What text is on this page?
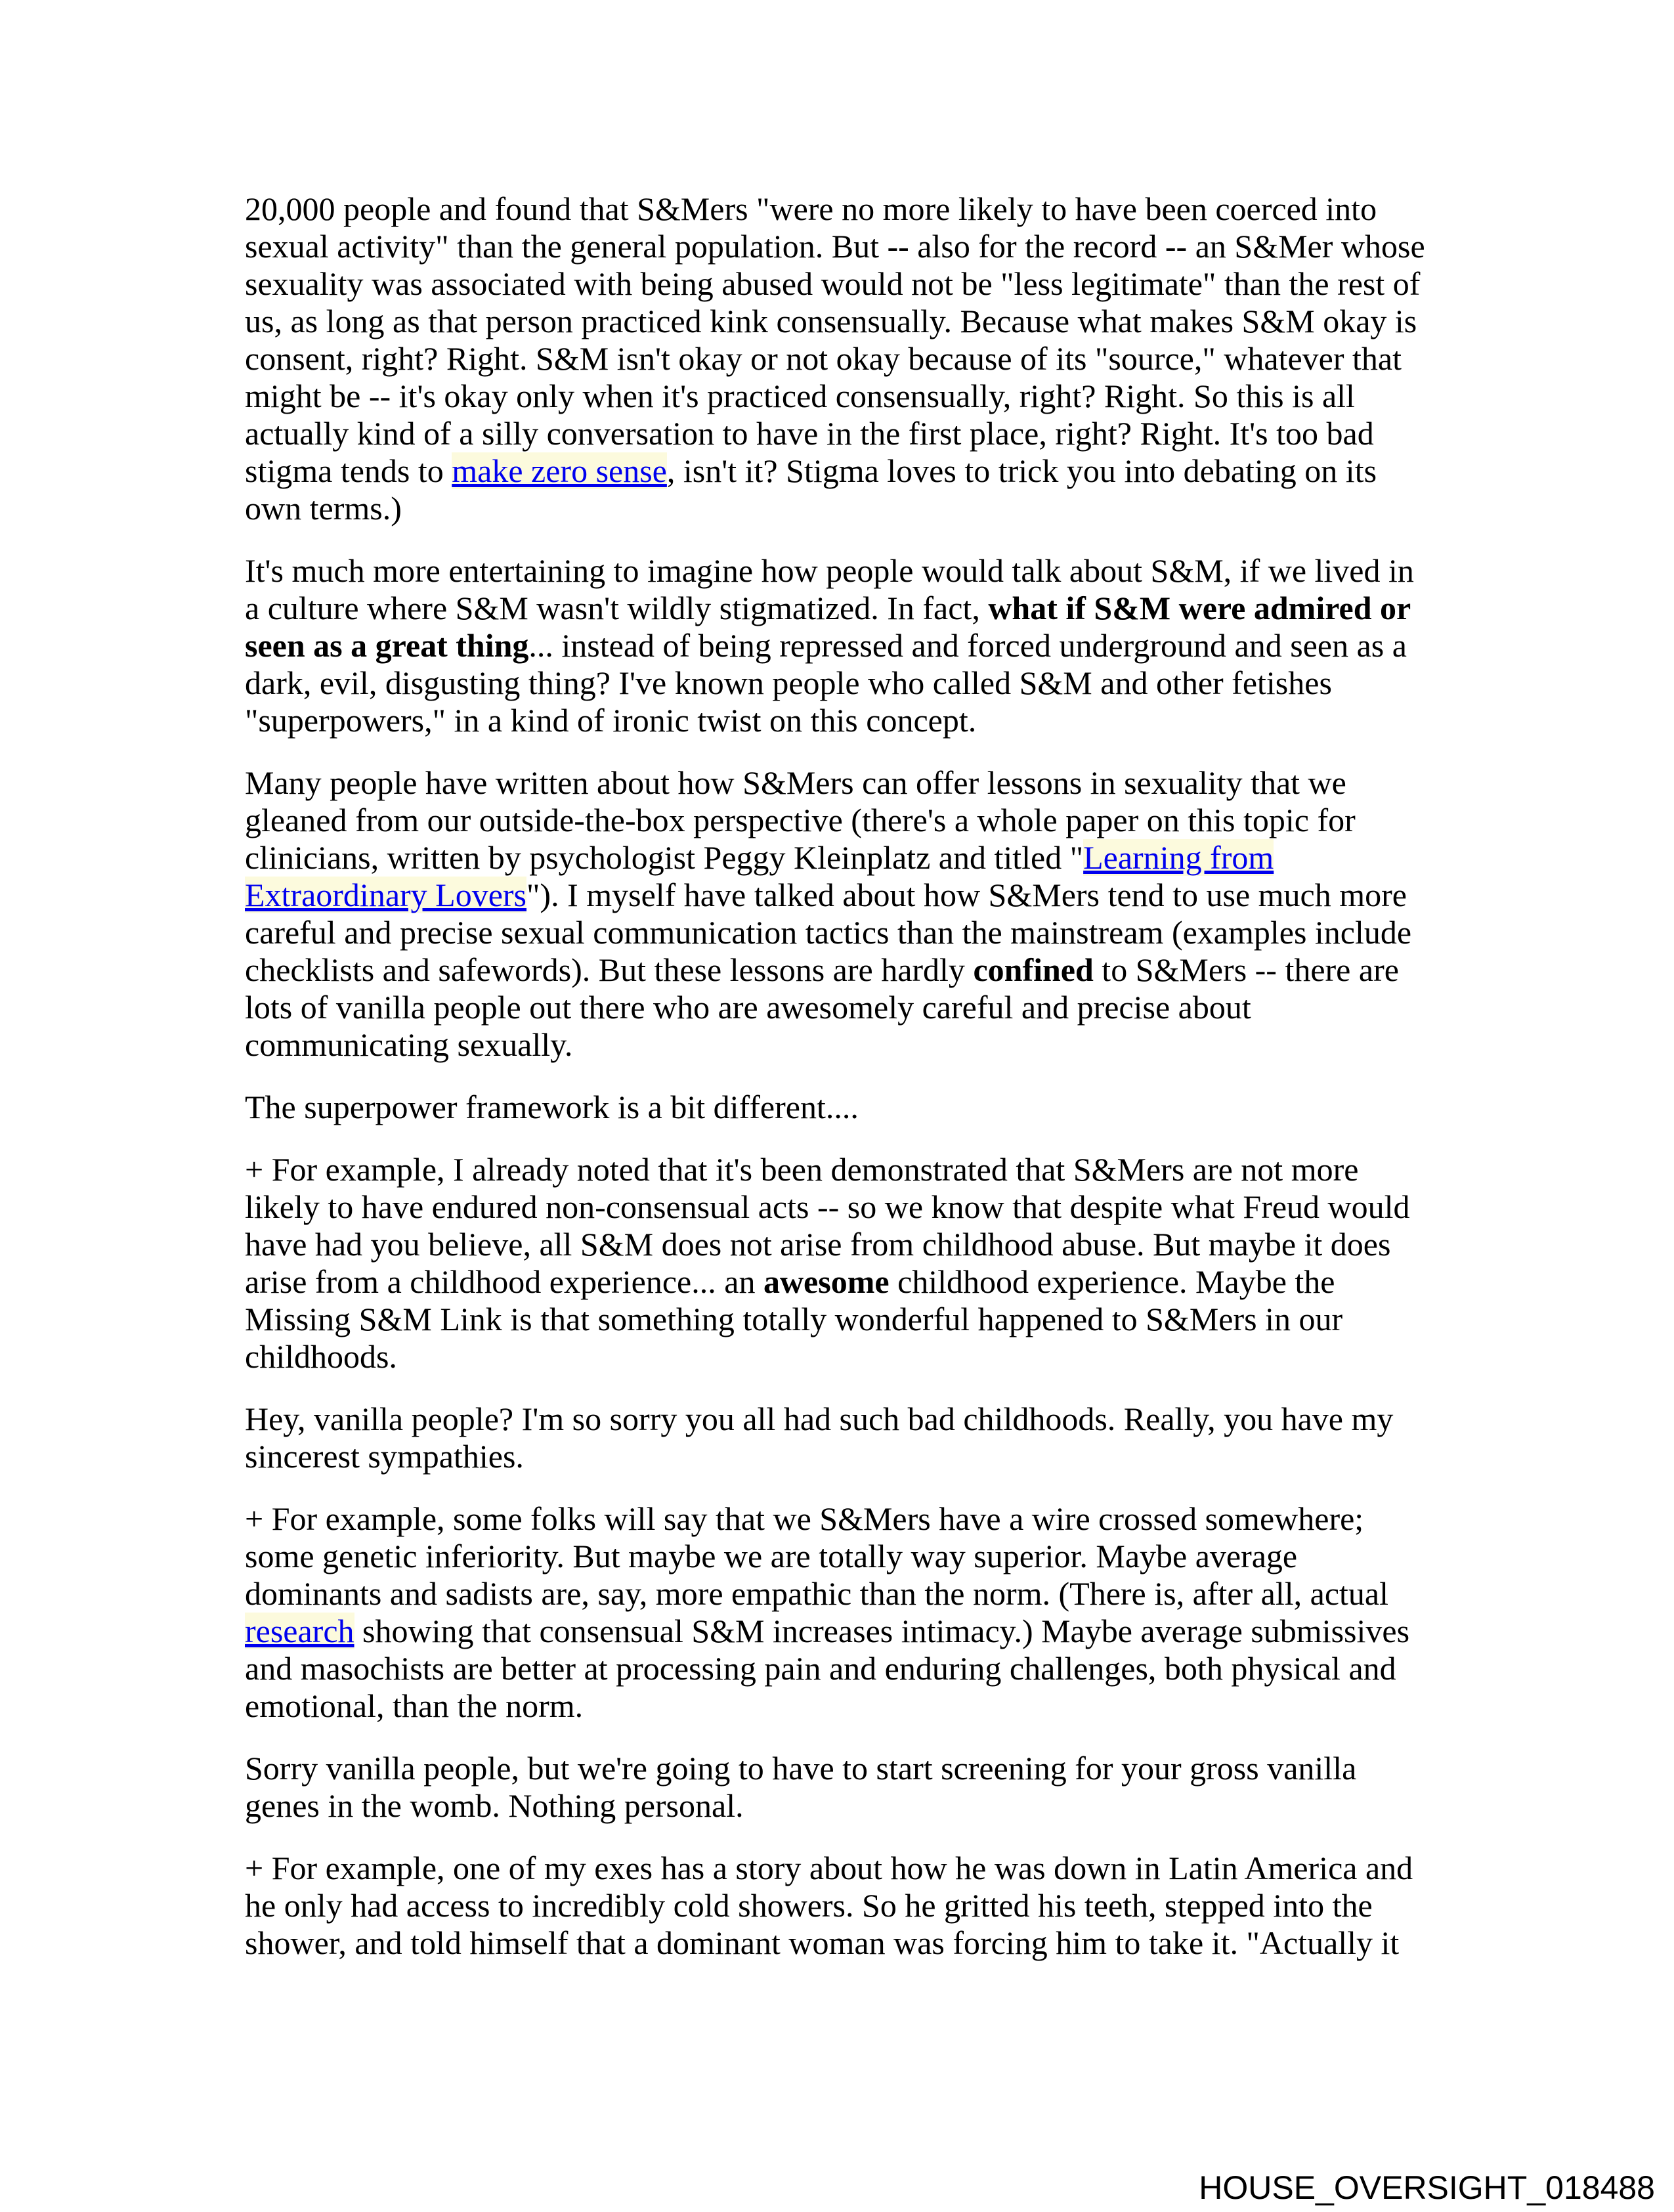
20,000 people and found that S&Mers "were no more likely to have been coerced into sexual activity" than the general population. But -- also for the record -- an S&Mer whose sexuality was associated with being abused would not be "less legitimate" than the rest of us, as long as that person practiced kink consensually. Because what makes S&M okay is consent, right? Right. S&M isn't okay or not okay because of its "source," whatever that might be -- it's okay only when it's practiced consensually, right? Right. So this is all actually kind of a silly conversation to have in the first place, right? Right. It's too bad stigma tends to make zero sense, isn't it? Stigma loves to trick you into debating on its own terms.)

It's much more entertaining to imagine how people would talk about S&M, if we lived in a culture where S&M wasn't wildly stigmatized. In fact, what if S&M were admired or seen as a great thing... instead of being repressed and forced underground and seen as a dark, evil, disgusting thing? I've known people who called S&M and other fetishes "superpowers," in a kind of ironic twist on this concept.

Many people have written about how S&Mers can offer lessons in sexuality that we gleaned from our outside-the-box perspective (there's a whole paper on this topic for clinicians, written by psychologist Peggy Kleinplatz and titled "Learning from Extraordinary Lovers"). I myself have talked about how S&Mers tend to use much more careful and precise sexual communication tactics than the mainstream (examples include checklists and safewords). But these lessons are hardly confined to S&Mers -- there are lots of vanilla people out there who are awesomely careful and precise about communicating sexually.

The superpower framework is a bit different....

+ For example, I already noted that it's been demonstrated that S&Mers are not more likely to have endured non-consensual acts -- so we know that despite what Freud would have had you believe, all S&M does not arise from childhood abuse. But maybe it does arise from a childhood experience... an awesome childhood experience. Maybe the Missing S&M Link is that something totally wonderful happened to S&Mers in our childhoods.

Hey, vanilla people? I'm so sorry you all had such bad childhoods. Really, you have my sincerest sympathies.

+ For example, some folks will say that we S&Mers have a wire crossed somewhere; some genetic inferiority. But maybe we are totally way superior. Maybe average dominants and sadists are, say, more empathic than the norm. (There is, after all, actual research showing that consensual S&M increases intimacy.) Maybe average submissives and masochists are better at processing pain and enduring challenges, both physical and emotional, than the norm.

Sorry vanilla people, but we're going to have to start screening for your gross vanilla genes in the womb. Nothing personal.

+ For example, one of my exes has a story about how he was down in Latin America and he only had access to incredibly cold showers. So he gritted his teeth, stepped into the shower, and told himself that a dominant woman was forcing him to take it. "Actually it

HOUSE_OVERSIGHT_018488
